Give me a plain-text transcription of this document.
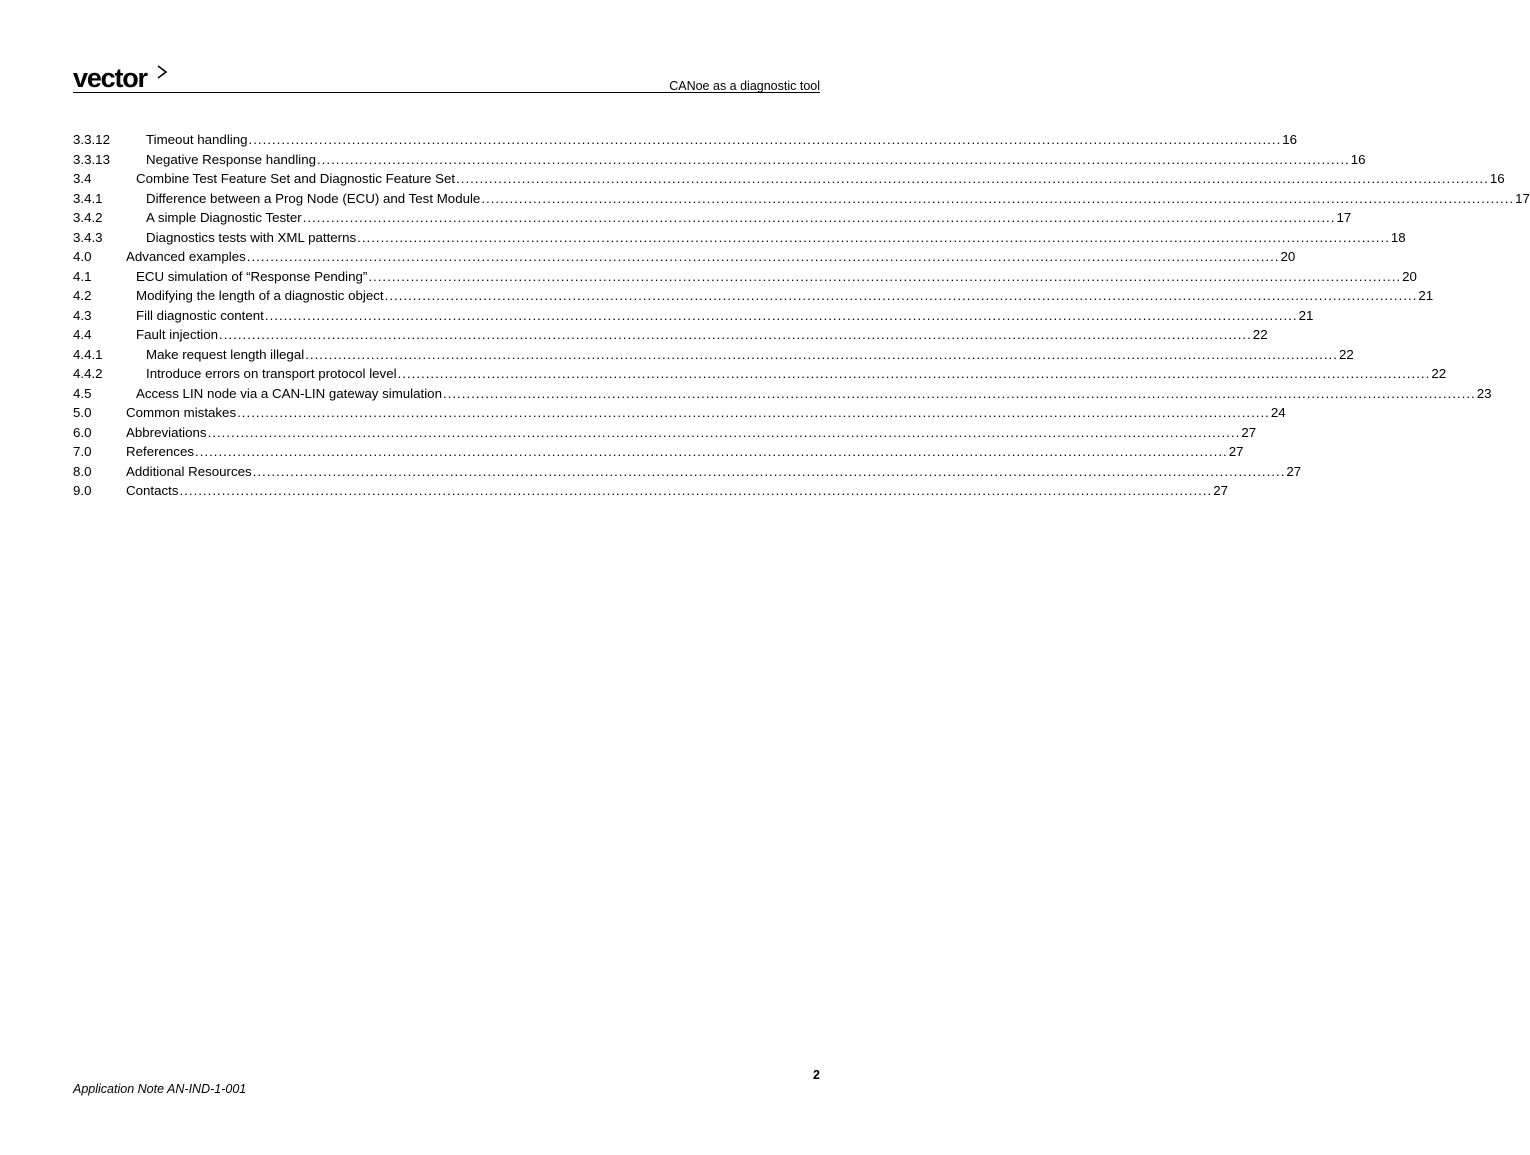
vector	CANoe as a diagnostic tool
3.3.12	Timeout handling ............................................................................................................................................................................................................................ 16
3.3.13	Negative Response handling ............................................................................................................................................................................................................................ 16
3.4	Combine Test Feature Set and Diagnostic Feature Set ............................................................................................................................................................................................................................ 16
3.4.1	Difference between a Prog Node (ECU) and Test Module ............................................................................................................................................................................................................................ 17
3.4.2	A simple Diagnostic Tester ............................................................................................................................................................................................................................ 17
3.4.3	Diagnostics tests with XML patterns ............................................................................................................................................................................................................................ 18
4.0	Advanced examples ............................................................................................................................................................................................................................ 20
4.1	ECU simulation of “Response Pending” ............................................................................................................................................................................................................................ 20
4.2	Modifying the length of a diagnostic object ............................................................................................................................................................................................................................ 21
4.3	Fill diagnostic content ............................................................................................................................................................................................................................ 21
4.4	Fault injection ............................................................................................................................................................................................................................ 22
4.4.1	Make request length illegal ............................................................................................................................................................................................................................ 22
4.4.2	Introduce errors on transport protocol level ............................................................................................................................................................................................................................ 22
4.5	Access LIN node via a CAN-LIN gateway simulation ............................................................................................................................................................................................................................ 23
5.0	Common mistakes ............................................................................................................................................................................................................................ 24
6.0	Abbreviations ............................................................................................................................................................................................................................ 27
7.0	References ............................................................................................................................................................................................................................ 27
8.0	Additional Resources ............................................................................................................................................................................................................................ 27
9.0	Contacts ............................................................................................................................................................................................................................ 27
2
Application Note AN-IND-1-001
